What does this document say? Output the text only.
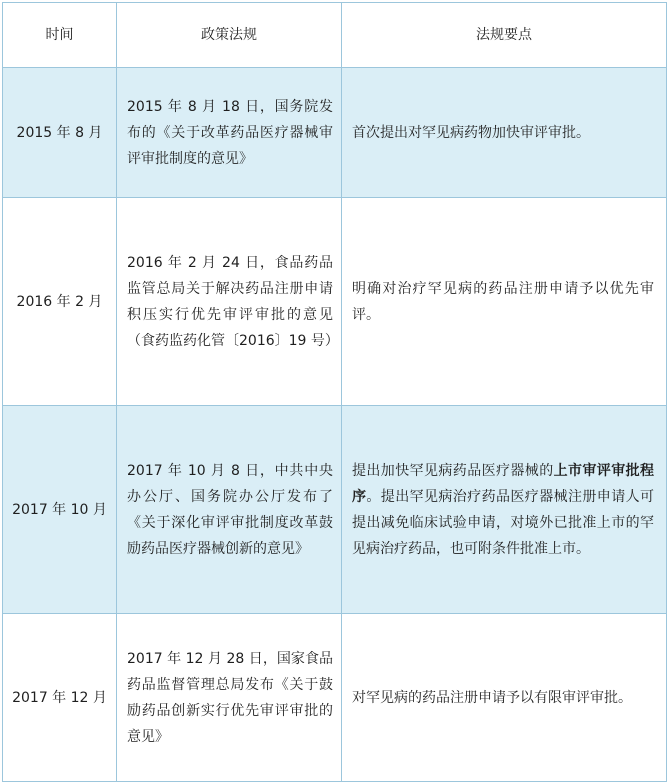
时间	政策法规	法规要点
2015 年 8 月	2015 年 8 月 18 日，国务院发布的《关于改革药品医疗器械审评审批制度的意见》	首次提出对罕见病药物加快审评审批。
2016 年 2 月	2016 年 2 月 24 日，食品药品监管总局关于解决药品注册申请积压实行优先审评审批的意见（食药监药化管〔2016〕19 号）	明确对治疗罕见病的药品注册申请予以优先审评。
2017 年 10 月	2017 年 10 月 8 日，中共中央办公厅、国务院办公厅发布了《关于深化审评审批制度改革鼓励药品医疗器械创新的意见》	提出加快罕见病药品医疗器械的上市审评审批程序。提出罕见病治疗药品医疗器械注册申请人可提出减免临床试验申请，对境外已批准上市的罕见病治疗药品，也可附条件批准上市。
2017 年 12 月	2017 年 12 月 28 日，国家食品药品监督管理总局发布《关于鼓励药品创新实行优先审评审批的意见》	对罕见病的药品注册申请予以有限审评审批。
